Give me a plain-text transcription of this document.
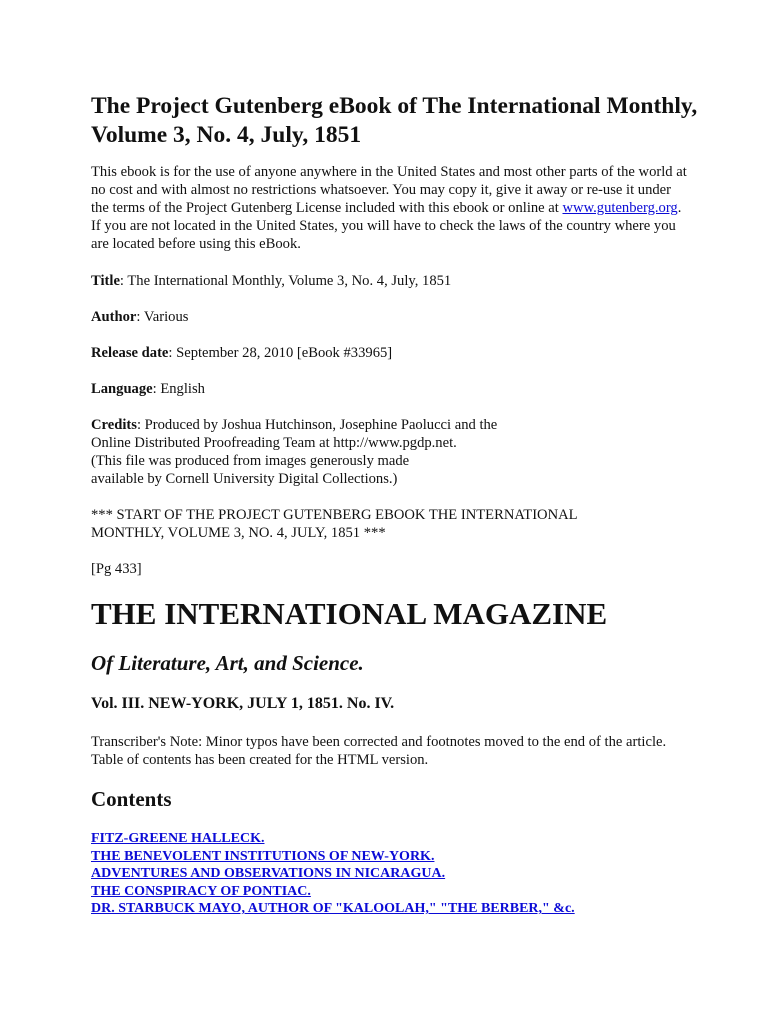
The Project Gutenberg eBook of The International Monthly,
Volume 3, No. 4, July, 1851

This ebook is for the use of anyone anywhere in the United States and most other parts of the world at no cost and with almost no restrictions whatsoever. You may copy it, give it away or re-use it under the terms of the Project Gutenberg License included with this ebook or online at www.gutenberg.org. If you are not located in the United States, you will have to check the laws of the country where you are located before using this eBook.

Title: The International Monthly, Volume 3, No. 4, July, 1851

Author: Various

Release date: September 28, 2010 [eBook #33965]

Language: English

Credits: Produced by Joshua Hutchinson, Josephine Paolucci and the
Online Distributed Proofreading Team at http://www.pgdp.net.
(This file was produced from images generously made
available by Cornell University Digital Collections.)

*** START OF THE PROJECT GUTENBERG EBOOK THE INTERNATIONAL
MONTHLY, VOLUME 3, NO. 4, JULY, 1851 ***

[Pg 433]

THE INTERNATIONAL MAGAZINE
Of Literature, Art, and Science.
Vol. III. NEW-YORK, JULY 1, 1851. No. IV.

Transcriber's Note: Minor typos have been corrected and footnotes moved to the end of the article. Table of contents has been created for the HTML version.

Contents
FITZ-GREENE HALLECK.
THE BENEVOLENT INSTITUTIONS OF NEW-YORK.
ADVENTURES AND OBSERVATIONS IN NICARAGUA.
THE CONSPIRACY OF PONTIAC.
DR. STARBUCK MAYO, AUTHOR OF "KALOOLAH," "THE BERBER," &c.
